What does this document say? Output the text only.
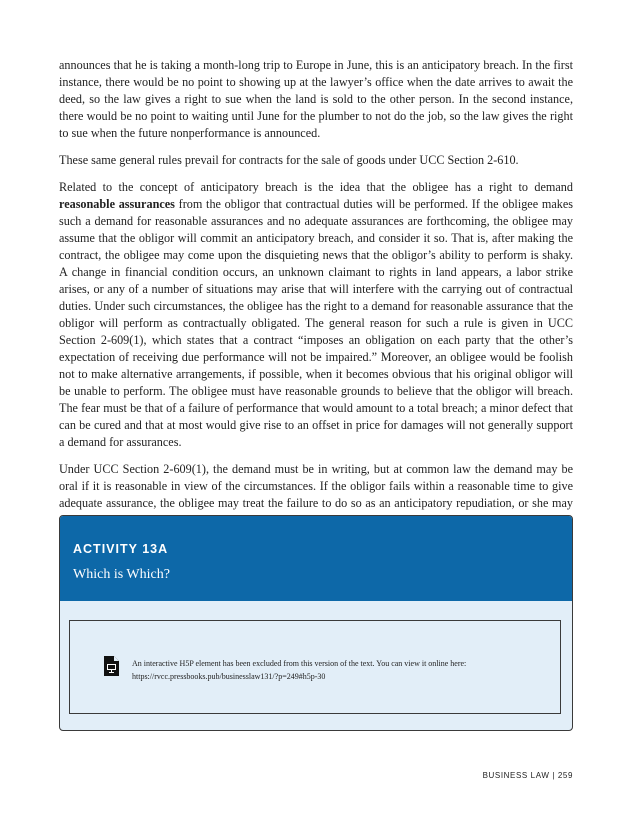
announces that he is taking a month-long trip to Europe in June, this is an anticipatory breach. In the first instance, there would be no point to showing up at the lawyer’s office when the date arrives to await the deed, so the law gives a right to sue when the land is sold to the other person. In the second instance, there would be no point to waiting until June for the plumber to not do the job, so the law gives the right to sue when the future nonperformance is announced.

These same general rules prevail for contracts for the sale of goods under UCC Section 2-610.

Related to the concept of anticipatory breach is the idea that the obligee has a right to demand reasonable assurances from the obligor that contractual duties will be performed. If the obligee makes such a demand for reasonable assurances and no adequate assurances are forthcoming, the obligee may assume that the obligor will commit an anticipatory breach, and consider it so. That is, after making the contract, the obligee may come upon the disquieting news that the obligor’s ability to perform is shaky. A change in financial condition occurs, an unknown claimant to rights in land appears, a labor strike arises, or any of a number of situations may arise that will interfere with the carrying out of contractual duties. Under such circumstances, the obligee has the right to a demand for reasonable assurance that the obligor will perform as contractually obligated. The general reason for such a rule is given in UCC Section 2-609(1), which states that a contract “imposes an obligation on each party that the other’s expectation of receiving due performance will not be impaired.” Moreover, an obligee would be foolish not to make alternative arrangements, if possible, when it becomes obvious that his original obligor will be unable to perform. The obligee must have reasonable grounds to believe that the obligor will breach. The fear must be that of a failure of performance that would amount to a total breach; a minor defect that can be cured and that at most would give rise to an offset in price for damages will not generally support a demand for assurances.

Under UCC Section 2-609(1), the demand must be in writing, but at common law the demand may be oral if it is reasonable in view of the circumstances. If the obligor fails within a reasonable time to give adequate assurance, the obligee may treat the failure to do so as an anticipatory repudiation, or she may

ACTIVITY 13A
Which is Which?
An interactive H5P element has been excluded from this version of the text. You can view it online here:
https://rvcc.pressbooks.pub/businesslaw131/?p=249#h5p-30
BUSINESS LAW | 259
